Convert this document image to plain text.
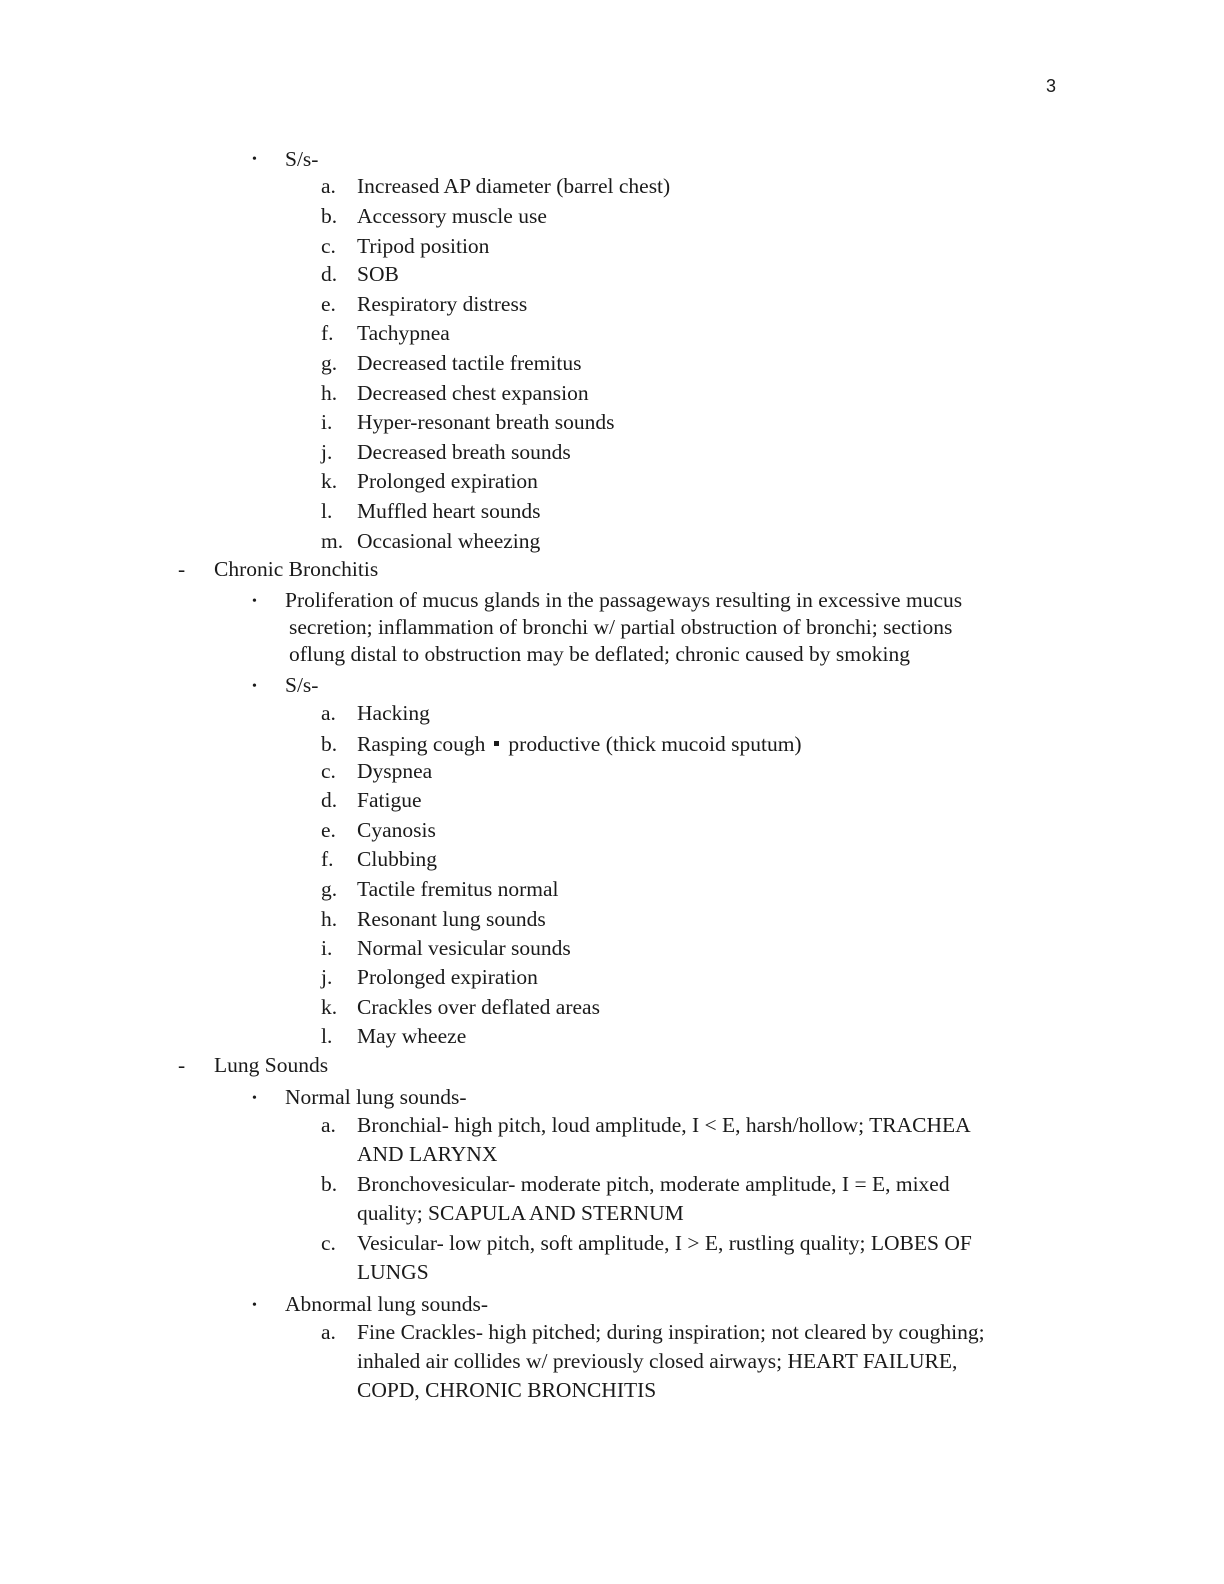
3
• S/s-
a. Increased AP diameter (barrel chest)
b. Accessory muscle use
c. Tripod position
d. SOB
e. Respiratory distress
f. Tachypnea
g. Decreased tactile fremitus
h. Decreased chest expansion
i. Hyper-resonant breath sounds
j. Decreased breath sounds
k. Prolonged expiration
l. Muffled heart sounds
m. Occasional wheezing
- Chronic Bronchitis
• Proliferation of mucus glands in the passageways resulting in excessive mucus
secretion; inflammation of bronchi w/ partial obstruction of bronchi; sections
oflung distal to obstruction may be deflated; chronic caused by smoking
• S/s-
a. Hacking
b. Rasping cough productive (thick mucoid sputum)
c. Dyspnea
d. Fatigue
e. Cyanosis
f. Clubbing
g. Tactile fremitus normal
h. Resonant lung sounds
i. Normal vesicular sounds
j. Prolonged expiration
k. Crackles over deflated areas
l. May wheeze
- Lung Sounds
• Normal lung sounds-
a. Bronchial- high pitch, loud amplitude, I < E, harsh/hollow; TRACHEA
AND LARYNX
b. Bronchovesicular- moderate pitch, moderate amplitude, I = E, mixed
quality; SCAPULA AND STERNUM
c. Vesicular- low pitch, soft amplitude, I > E, rustling quality; LOBES OF
LUNGS
• Abnormal lung sounds-
a. Fine Crackles- high pitched; during inspiration; not cleared by coughing;
inhaled air collides w/ previously closed airways; HEART FAILURE,
COPD, CHRONIC BRONCHITIS
